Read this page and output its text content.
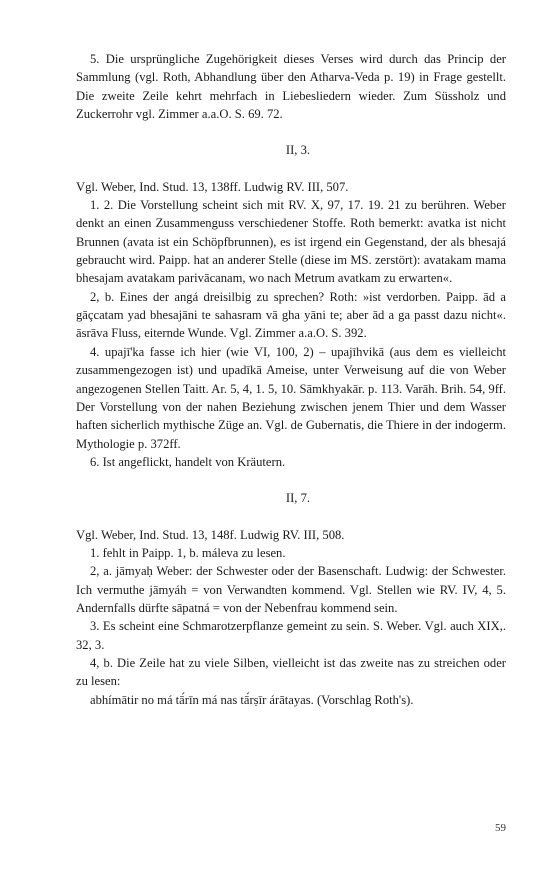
5. Die ursprüngliche Zugehörigkeit dieses Verses wird durch das Princip der Sammlung (vgl. Roth, Abhandlung über den Atharva-Veda p. 19) in Frage gestellt. Die zweite Zeile kehrt mehrfach in Liebesliedern wieder. Zum Süssholz und Zuckerrohr vgl. Zimmer a.a.O. S. 69. 72.

II, 3.

Vgl. Weber, Ind. Stud. 13, 138ff. Ludwig RV. III, 507.

1. 2. Die Vorstellung scheint sich mit RV. X, 97, 17. 19. 21 zu berühren. Weber denkt an einen Zusammenguss verschiedener Stoffe. Roth bemerkt: avatka ist nicht Brunnen (avata ist ein Schöpfbrunnen), es ist irgend ein Gegenstand, der als bhesajá gebraucht wird. Paipp. hat an anderer Stelle (diese im MS. zerstört): avatakam mama bhesajam avatakam parivācanam, wo nach Metrum avatkam zu erwarten«.

2, b. Eines der angá dreisilbig zu sprechen? Roth: »ist verdorben. Paipp. ād a gāçcatam yad bhesajāni te sahasram vā gha yāni te; aber ād a ga passt dazu nicht«. āsrāva Fluss, eiternde Wunde. Vgl. Zimmer a.a.O. S. 392.

4. upajī'ka fasse ich hier (wie VI, 100, 2) – upajīhvikā (aus dem es vielleicht zusammengezogen ist) und upadīkā Ameise, unter Verweisung auf die von Weber angezogenen Stellen Taitt. Ar. 5, 4, 1. 5, 10. Sāmkhyakār. p. 113. Varāh. Brih. 54, 9ff. Der Vorstellung von der nahen Beziehung zwischen jenem Thier und dem Wasser haften sicherlich mythische Züge an. Vgl. de Gubernatis, die Thiere in der indogerm. Mythologie p. 372ff.

6. Ist angeflickt, handelt von Kräutern.

II, 7.

Vgl. Weber, Ind. Stud. 13, 148f. Ludwig RV. III, 508.

1. fehlt in Paipp. 1, b. máleva zu lesen.

2, a. jāmyaḥ Weber: der Schwester oder der Basenschaft. Ludwig: der Schwester. Ich vermuthe jāmyáh = von Verwandten kommend. Vgl. Stellen wie RV. IV, 4, 5. Andernfalls dürfte sāpatná = von der Nebenfrau kommend sein.

3. Es scheint eine Schmarotzerpflanze gemeint zu sein. S. Weber. Vgl. auch XIX,. 32, 3.

4, b. Die Zeile hat zu viele Silben, vielleicht ist das zweite nas zu streichen oder zu lesen:

abhímātir no má tā́rīn má nas tā́rṣīr árātayas. (Vorschlag Roth's).

59
